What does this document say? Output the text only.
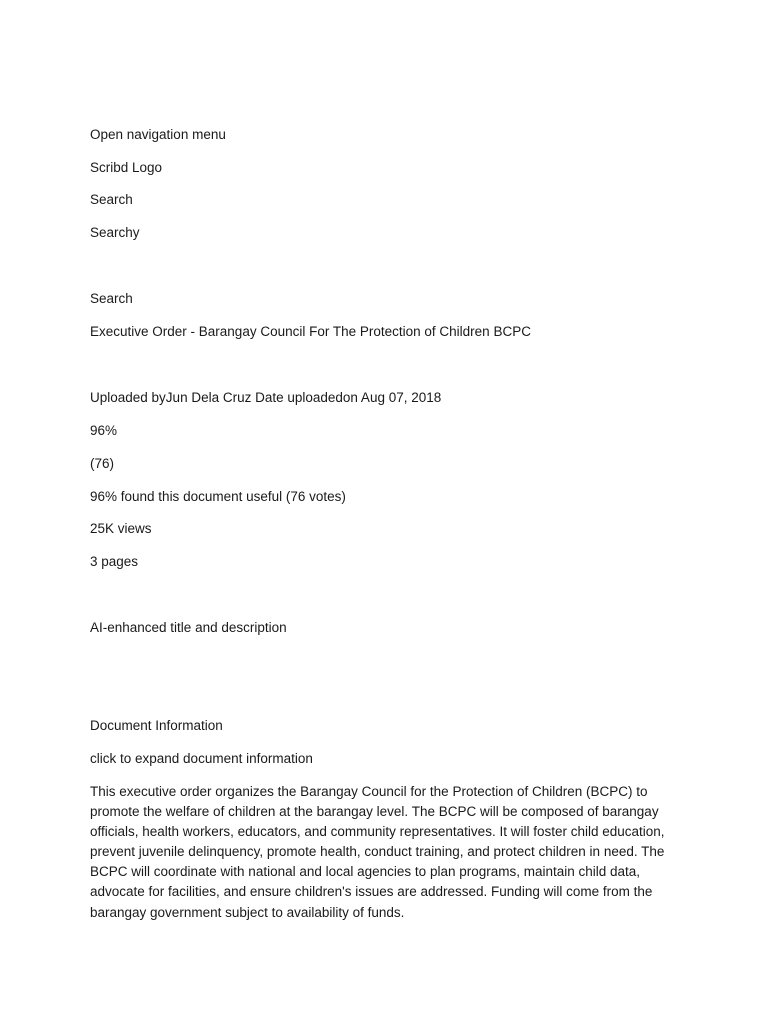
Open navigation menu
Scribd Logo
Search
Searchy
Search
Executive Order - Barangay Council For The Protection of Children BCPC

Uploaded byJun Dela Cruz Date uploadedon Aug 07, 2018

96%
(76)

96% found this document useful (76 votes)

25K views

3 pages

AI-enhanced title and description

Document Information
click to expand document information

This executive order organizes the Barangay Council for the Protection of Children (BCPC) to promote the welfare of children at the barangay level. The BCPC will be composed of barangay officials, health workers, educators, and community representatives. It will foster child education, prevent juvenile delinquency, promote health, conduct training, and protect children in need. The BCPC will coordinate with national and local agencies to plan programs, maintain child data, advocate for facilities, and ensure children's issues are addressed. Funding will come from the barangay government subject to availability of funds.
